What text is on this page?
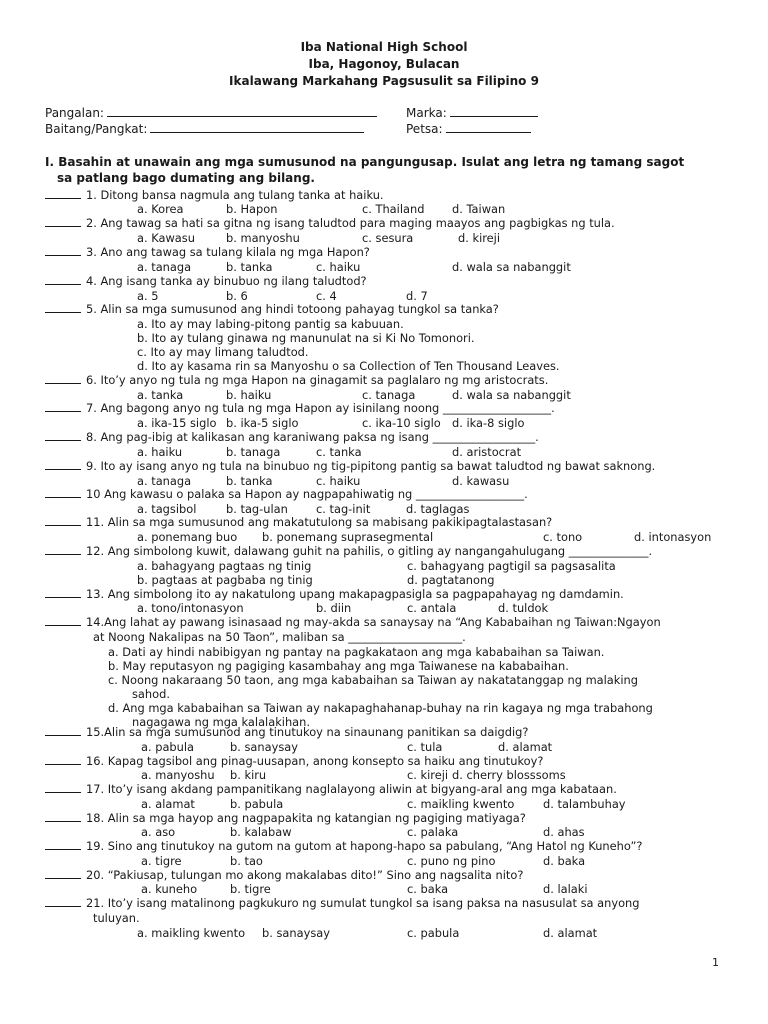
Iba National High School
Iba, Hagonoy, Bulacan
Ikalawang Markahang Pagsusulit sa Filipino 9
Pangalan:	Marka:
Baitang/Pangkat:	Petsa:
I. Basahin at unawain ang mga sumusunod na pangungusap. Isulat ang letra ng tamang sagot
sa patlang bago dumating ang bilang.
1. Ditong bansa nagmula ang tulang tanka at haiku.
a. Korea	b. Hapon	c. Thailand d. Taiwan
2. Ang tawag sa hati sa gitna ng isang taludtod para maging maayos ang pagbigkas ng tula.
a. Kawasu	b. manyoshu	c. sesura	d. kireji
3. Ano ang tawag sa tulang kilala ng mga Hapon?
a. tanaga	b. tanka	c. haiku	d. wala sa nabanggit
4. Ang isang tanka ay binubuo ng ilang taludtod?
a. 5	b. 6	c. 4	d. 7
5. Alin sa mga sumusunod ang hindi totoong pahayag tungkol sa tanka?
a. Ito ay may labing-pitong pantig sa kabuuan.
b. Ito ay tulang ginawa ng manunulat na si Ki No Tomonori.
c. Ito ay may limang taludtod.
d. Ito ay kasama rin sa Manyoshu o sa Collection of Ten Thousand Leaves.
6. Ito’y anyo ng tula ng mga Hapon na ginagamit sa paglalaro ng mg aristocrats.
a. tanka	b. haiku	c. tanaga	d. wala sa nabanggit
7. Ang bagong anyo ng tula ng mga Hapon ay isinilang noong ___________________.
a. ika-15 siglo b. ika-5 siglo	c. ika-10 siglo d. ika-8 siglo
8. Ang pag-ibig at kalikasan ang karaniwang paksa ng isang __________________.
a. haiku	b. tanaga	c. tanka	d. aristocrat
9. Ito ay isang anyo ng tula na binubuo ng tig-pipitong pantig sa bawat taludtod ng bawat saknong.
a. tanaga	b. tanka	c. haiku	d. kawasu
10 Ang kawasu o palaka sa Hapon ay nagpapahiwatig ng ___________________.
a. tagsibol	b. tag-ulan c. tag-init	d. taglagas
11. Alin sa mga sumusunod ang makatutulong sa mabisang pakikipagtalastasan?
a. ponemang buo b. ponemang suprasegmental	c. tono	d. intonasyon
12. Ang simbolong kuwit, dalawang guhit na pahilis, o gitling ay nangangahulugang ______________.
a. bahagyang pagtaas ng tinig	c. bahagyang pagtigil sa pagsasalita
b. pagtaas at pagbaba ng tinig	d. pagtatanong
13. Ang simbolong ito ay nakatulong upang makapagpasigla sa pagpapahayag ng damdamin.
a. tono/intonasyon	b. diin	c. antala	d. tuldok
14.Ang lahat ay pawang isinasaad ng may-akda sa sanaysay na “Ang Kababaihan ng Taiwan:Ngayon
at Noong Nakalipas na 50 Taon”, maliban sa ____________________.
a. Dati ay hindi nabibigyan ng pantay na pagkakataon ang mga kababaihan sa Taiwan.
b. May reputasyon ng pagiging kasambahay ang mga Taiwanese na kababaihan.
c. Noong nakaraang 50 taon, ang mga kababaihan sa Taiwan ay nakatatanggap ng malaking
sahod.
d. Ang mga kababaihan sa Taiwan ay nakapaghahanap-buhay na rin kagaya ng mga trabahong
nagagawa ng mga kalalakihan.
15.Alin sa mga sumusunod ang tinutukoy na sinaunang panitikan sa daigdig?
a. pabula	b. sanaysay	c. tula	d. alamat
16. Kapag tagsibol ang pinag-uusapan, anong konsepto sa haiku ang tinutukoy?
a. manyoshu b. kiru	c. kireji d. cherry blosssoms
17. Ito’y isang akdang pampanitikang naglalayong aliwin at bigyang-aral ang mga kabataan.
a. alamat	b. pabula	c. maikling kwento	d. talambuhay
18. Alin sa mga hayop ang nagpapakita ng katangian ng pagiging matiyaga?
a. aso	b. kalabaw	c. palaka	d. ahas
19. Sino ang tinutukoy na gutom na gutom at hapong-hapo sa pabulang, “Ang Hatol ng Kuneho”?
a. tigre	b. tao	c. puno ng pino	d. baka
20. “Pakiusap, tulungan mo akong makalabas dito!” Sino ang nagsalita nito?
a. kuneho	b. tigre	c. baka	d. lalaki
21. Ito’y isang matalinong pagkukuro ng sumulat tungkol sa isang paksa na nasusulat sa anyong
tuluyan.
a. maikling kwento b. sanaysay	c. pabula	d. alamat
1
